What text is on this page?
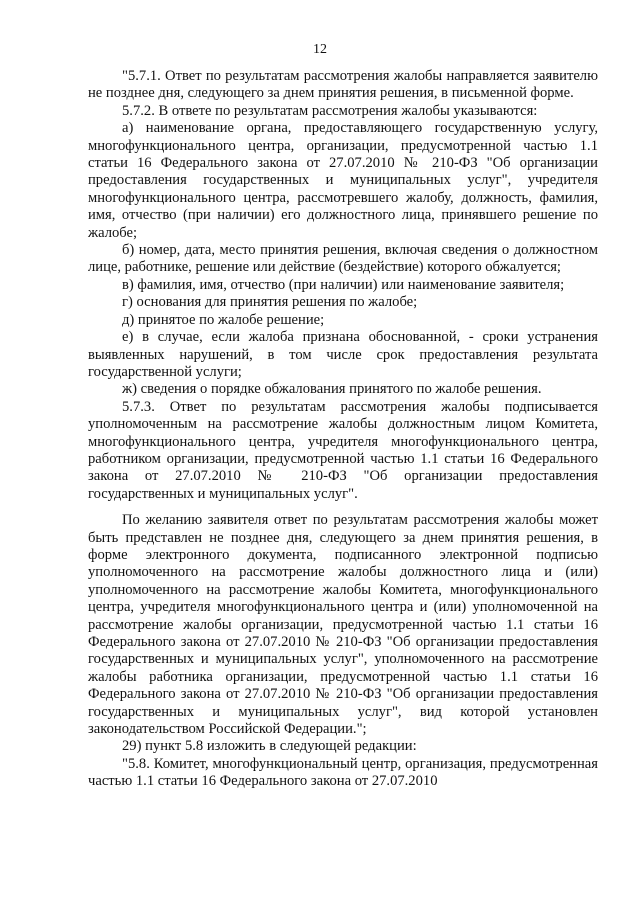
12

"5.7.1. Ответ по результатам рассмотрения жалобы направляется заявителю не позднее дня, следующего за днем принятия решения, в письменной форме.

5.7.2. В ответе по результатам рассмотрения жалобы указываются:

а) наименование органа, предоставляющего государственную услугу, многофункционального центра, организации, предусмотренной частью 1.1 статьи 16 Федерального закона от 27.07.2010 № 210-ФЗ "Об организации предоставления государственных и муниципальных услуг", учредителя многофункционального центра, рассмотревшего жалобу, должность, фамилия, имя, отчество (при наличии) его должностного лица, принявшего решение по жалобе;

б) номер, дата, место принятия решения, включая сведения о должностном лице, работнике, решение или действие (бездействие) которого обжалуется;

в) фамилия, имя, отчество (при наличии) или наименование заявителя;

г) основания для принятия решения по жалобе;

д) принятое по жалобе решение;

е) в случае, если жалоба признана обоснованной, - сроки устранения выявленных нарушений, в том числе срок предоставления результата государственной услуги;

ж) сведения о порядке обжалования принятого по жалобе решения.

5.7.3. Ответ по результатам рассмотрения жалобы подписывается уполномоченным на рассмотрение жалобы должностным лицом Комитета, многофункционального центра, учредителя многофункционального центра, работником организации, предусмотренной частью 1.1 статьи 16 Федерального закона от 27.07.2010 № 210-ФЗ "Об организации предоставления государственных и муниципальных услуг".

По желанию заявителя ответ по результатам рассмотрения жалобы может быть представлен не позднее дня, следующего за днем принятия решения, в форме электронного документа, подписанного электронной подписью уполномоченного на рассмотрение жалобы должностного лица и (или) уполномоченного на рассмотрение жалобы Комитета, многофункционального центра, учредителя многофункционального центра и (или) уполномоченной на рассмотрение жалобы организации, предусмотренной частью 1.1 статьи 16 Федерального закона от 27.07.2010 № 210-ФЗ "Об организации предоставления государственных и муниципальных услуг", уполномоченного на рассмотрение жалобы работника организации, предусмотренной частью 1.1 статьи 16 Федерального закона от 27.07.2010 № 210-ФЗ "Об организации предоставления государственных и муниципальных услуг", вид которой установлен законодательством Российской Федерации.";

29) пункт 5.8 изложить в следующей редакции:

"5.8. Комитет, многофункциональный центр, организация, предусмотренная частью 1.1 статьи 16 Федерального закона от 27.07.2010
